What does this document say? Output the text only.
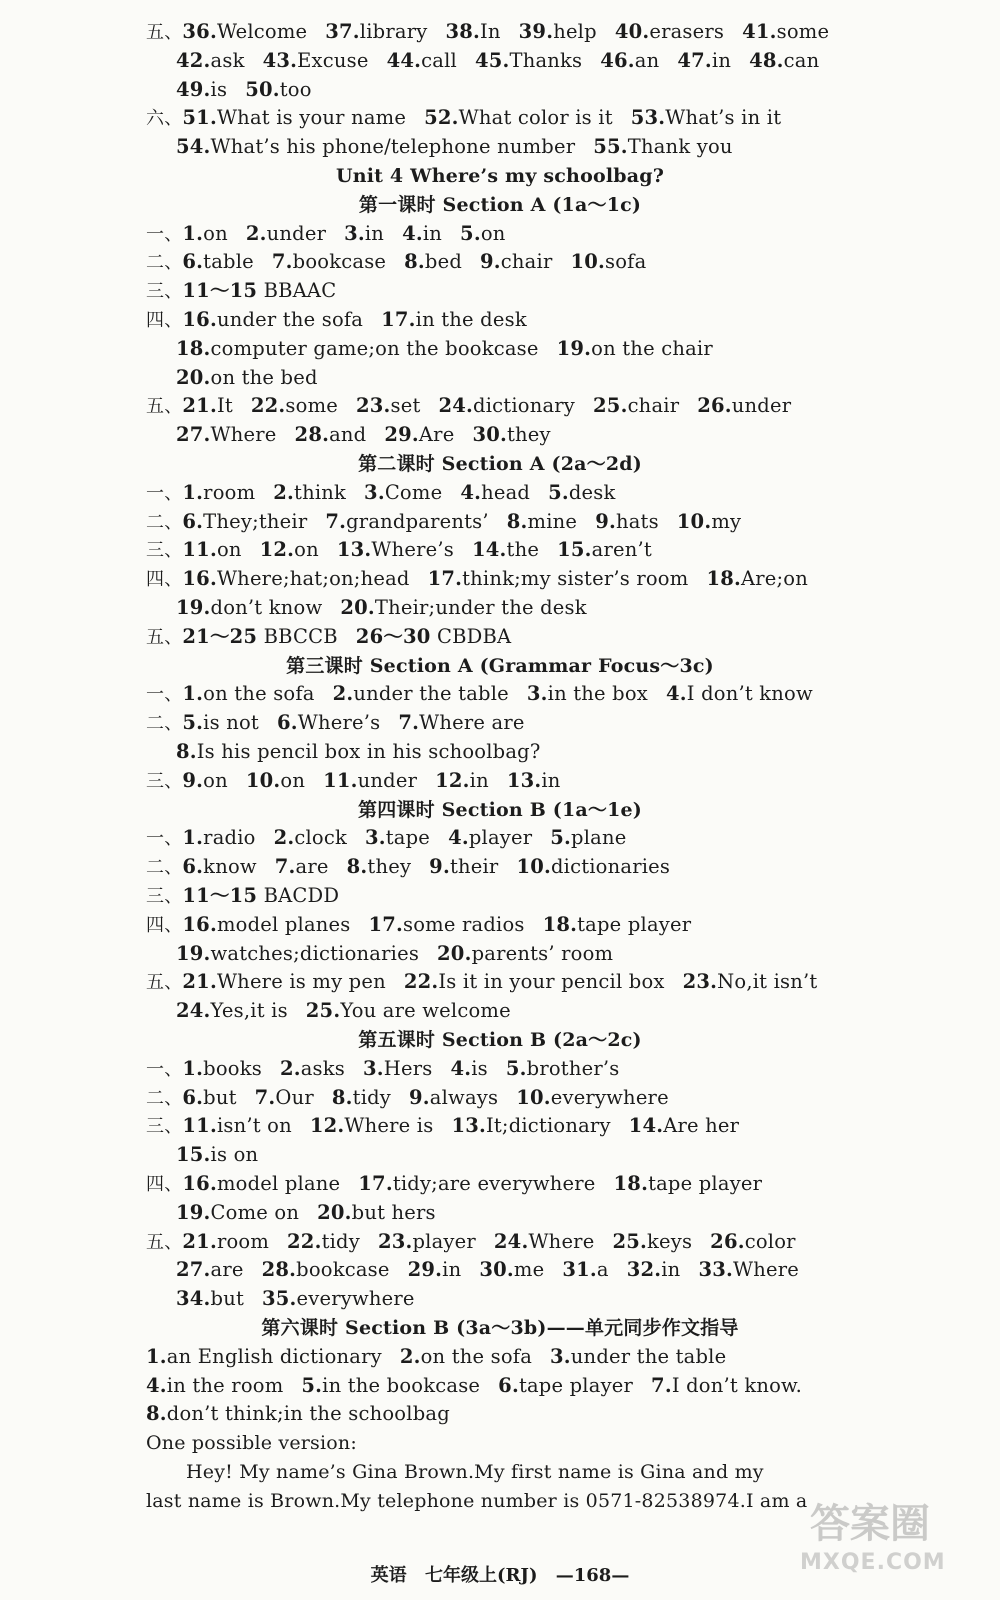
五、36.Welcome 37.library 38.In 39.help 40.erasers 41.some
42.ask 43.Excuse 44.call 45.Thanks 46.an 47.in 48.can
49.is 50.too
六、51.What is your name 52.What color is it 53.What’s in it
54.What’s his phone/telephone number 55.Thank you
Unit 4 Where’s my schoolbag?
第一课时 Section A (1a～1c)
一、1.on 2.under 3.in 4.in 5.on
二、6.table 7.bookcase 8.bed 9.chair 10.sofa
三、11～15 BBAAC
四、16.under the sofa 17.in the desk
18.computer game;on the bookcase 19.on the chair
20.on the bed
五、21.It 22.some 23.set 24.dictionary 25.chair 26.under
27.Where 28.and 29.Are 30.they
第二课时 Section A (2a～2d)
一、1.room 2.think 3.Come 4.head 5.desk
二、6.They;their 7.grandparents’ 8.mine 9.hats 10.my
三、11.on 12.on 13.Where’s 14.the 15.aren’t
四、16.Where;hat;on;head 17.think;my sister’s room 18.Are;on
19.don’t know 20.Their;under the desk
五、21～25 BBCCB 26～30 CBDBA
第三课时 Section A (Grammar Focus～3c)
一、1.on the sofa 2.under the table 3.in the box 4.I don’t know
二、5.is not 6.Where’s 7.Where are
8.Is his pencil box in his schoolbag?
三、9.on 10.on 11.under 12.in 13.in
第四课时 Section B (1a～1e)
一、1.radio 2.clock 3.tape 4.player 5.plane
二、6.know 7.are 8.they 9.their 10.dictionaries
三、11～15 BACDD
四、16.model planes 17.some radios 18.tape player
19.watches;dictionaries 20.parents’ room
五、21.Where is my pen 22.Is it in your pencil box 23.No,it isn’t
24.Yes,it is 25.You are welcome
第五课时 Section B (2a～2c)
一、1.books 2.asks 3.Hers 4.is 5.brother’s
二、6.but 7.Our 8.tidy 9.always 10.everywhere
三、11.isn’t on 12.Where is 13.It;dictionary 14.Are her
15.is on
四、16.model plane 17.tidy;are everywhere 18.tape player
19.Come on 20.but hers
五、21.room 22.tidy 23.player 24.Where 25.keys 26.color
27.are 28.bookcase 29.in 30.me 31.a 32.in 33.Where
34.but 35.everywhere
第六课时 Section B (3a～3b)——单元同步作文指导
1.an English dictionary 2.on the sofa 3.under the table
4.in the room 5.in the bookcase 6.tape player 7.I don’t know.
8.don’t think;in the schoolbag
One possible version:
Hey! My name’s Gina Brown.My first name is Gina and my
last name is Brown.My telephone number is 0571-82538974.I am a
英语 七年级上(RJ) —168—
答案圈
MXQE.COM
